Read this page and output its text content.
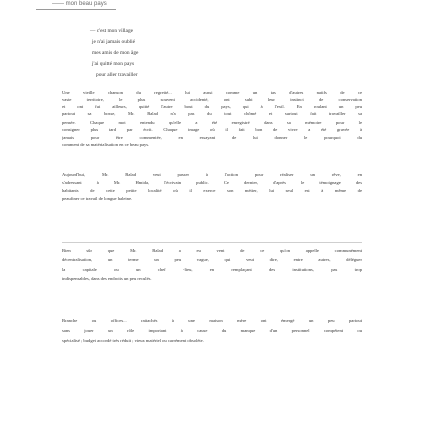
—— mon beau pays
— c'est mon village
je n'ai jamais oublié
mes amis de mon âge
j'ai quitté mon pays
pour aller travailler
Une vieille chanson du regretté... lui aussi comme un tas d'autres natifs de ce
vaste territoire, le plus souvent accidenté, ont subi leur instinct de conservation
et ont fui ailleurs, quitté l'autre bout du pays, qui à l'exil. En roulant un peu
partout sa bosse, Mr. Balad n'a pas du tout chômé et surtout fait travailler sa
pensée. Chaque mot entendu qu'elle a été enregistré dans sa mémoire pour le
consigner plus tard par écrit. Chaque image où il fait bon de vivre a été gravée à
jamais pour être commentée, en essayant de lui donner le pourquoi du
comment de sa matérialisation en ce beau pays.
Aujourd'hui, Mr. Balad veut passer à l'action pour réaliser un rêve, en
s'adressant à Mr. Hmida, l'écrivain public. Ce dernier, d'après le témoignage des
habitants de cette petite localité où il exerce son métier, lui seul est à même de
peaufiner ce travail de longue haleine.
Bien sûr que Mr. Balad a eu vent de ce qu'on appelle communément
décentralisation, un terme un peu vague, qui veut dire, entre autres, déléguer
la capitale ou un chef -lieu, en remplaçant des institutions, pas trop
indispensables, dans des endroits un peu reculés.
Branche ou offices... rattachés à une maison mère ont émergé un peu partout
sans jouer un rôle important à cause du manque d'un personnel compétent ou
spécialisé ; budget accordé très réduit ; vieux matériel ou carrément obsolète.
